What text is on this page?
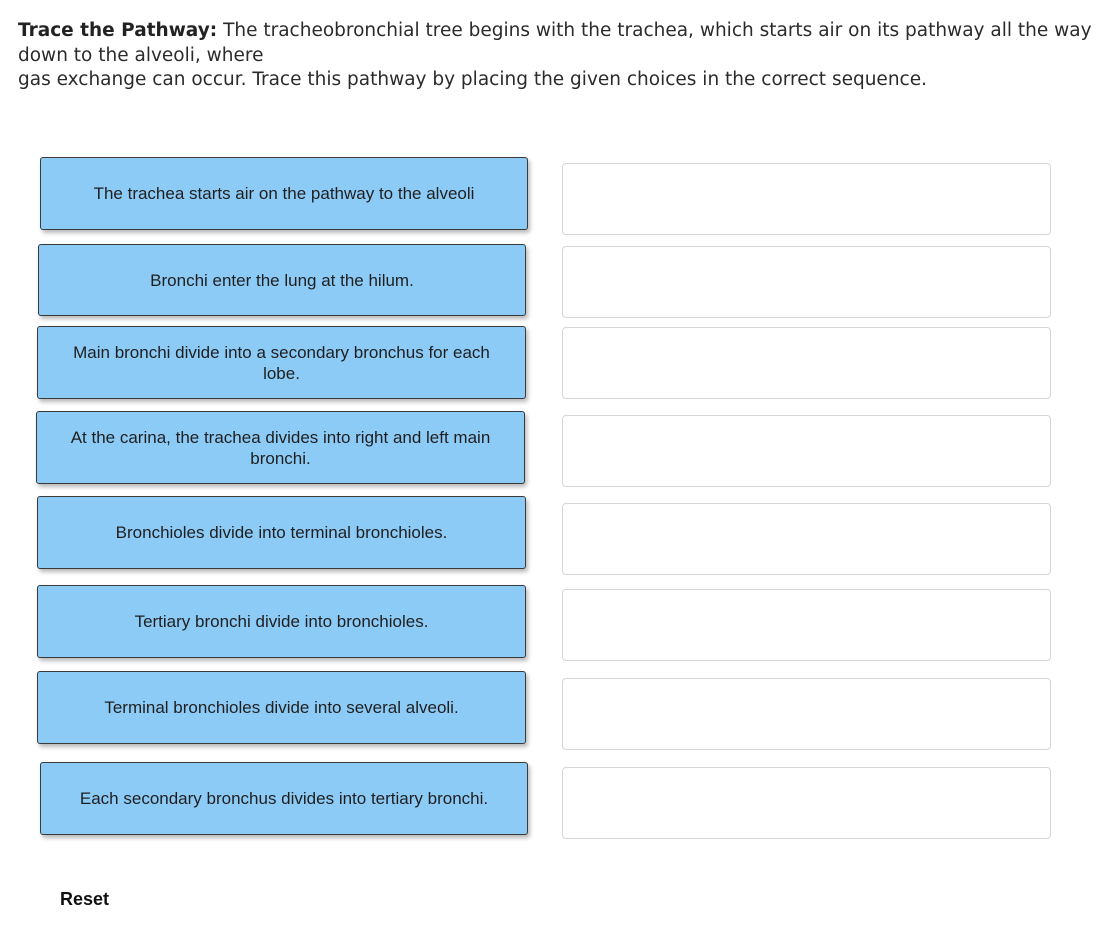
Trace the Pathway: The tracheobronchial tree begins with the trachea, which starts air on its pathway all the way down to the alveoli, where
gas exchange can occur. Trace this pathway by placing the given choices in the correct sequence.
The trachea starts air on the pathway to the alveoli
Bronchi enter the lung at the hilum.
Main bronchi divide into a secondary bronchus for each lobe.
At the carina, the trachea divides into right and left main bronchi.
Bronchioles divide into terminal bronchioles.
Tertiary bronchi divide into bronchioles.
Terminal bronchioles divide into several alveoli.
Each secondary bronchus divides into tertiary bronchi.
Reset
